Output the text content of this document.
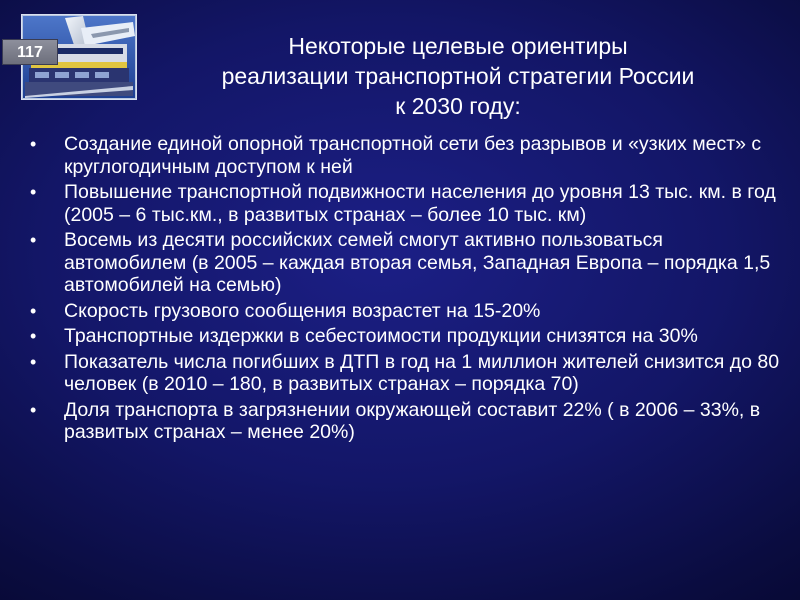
117	Некоторые целевые ориентиры
реализации транспортной стратегии России
к 2030 году:
•	Создание единой опорной транспортной сети без разрывов и «узких мест» с круглогодичным доступом к ней
•	Повышение транспортной подвижности населения до уровня 13 тыс. км. в год (2005 – 6 тыс.км., в развитых странах – более 10 тыс. км)
•	Восемь из десяти российских семей смогут активно пользоваться автомобилем (в 2005 – каждая вторая семья, Западная Европа – порядка 1,5 автомобилей на семью)
•	Скорость грузового сообщения возрастет на 15-20%
•	Транспортные издержки в себестоимости продукции снизятся на 30%
•	Показатель числа погибших в ДТП в год на 1 миллион жителей снизится до 80 человек (в 2010 – 180, в развитых странах – порядка 70)
•	Доля транспорта в загрязнении окружающей составит 22% ( в 2006 – 33%, в развитых странах – менее 20%)
